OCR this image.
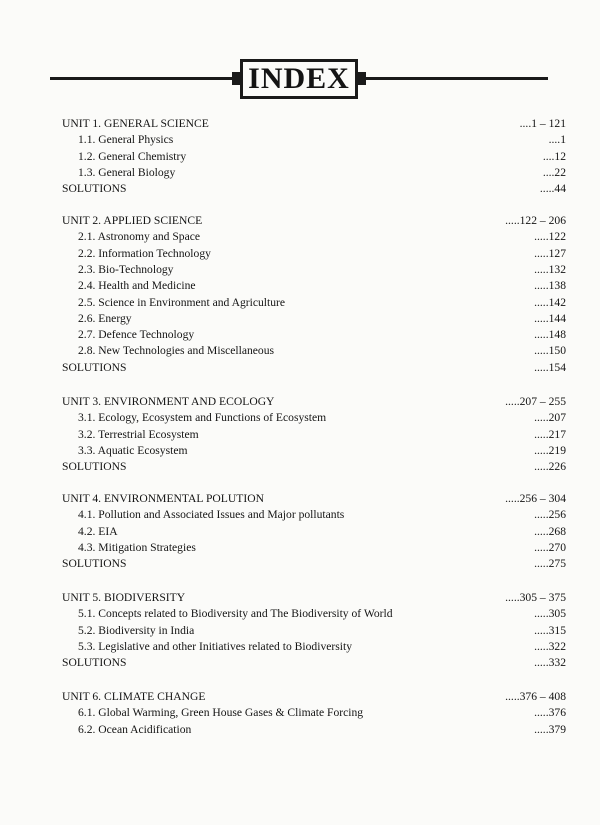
INDEX
UNIT 1. GENERAL SCIENCE	....1 – 121
1.1. General Physics	....1
1.2. General Chemistry	....12
1.3. General Biology	....22
SOLUTIONS	.....44
UNIT 2. APPLIED SCIENCE	.....122 – 206
2.1. Astronomy and Space	.....122
2.2. Information Technology	.....127
2.3. Bio-Technology	.....132
2.4. Health and Medicine	.....138
2.5. Science in Environment and Agriculture	.....142
2.6. Energy	.....144
2.7. Defence Technology	.....148
2.8. New Technologies and Miscellaneous	.....150
SOLUTIONS	.....154
UNIT 3. ENVIRONMENT AND ECOLOGY	.....207 – 255
3.1. Ecology, Ecosystem and Functions of Ecosystem	.....207
3.2. Terrestrial Ecosystem	.....217
3.3. Aquatic Ecosystem	.....219
SOLUTIONS	.....226
UNIT 4. ENVIRONMENTAL POLUTION	.....256 – 304
4.1. Pollution and Associated Issues and Major pollutants	.....256
4.2. EIA	.....268
4.3. Mitigation Strategies	.....270
SOLUTIONS	.....275
UNIT 5. BIODIVERSITY	.....305 – 375
5.1. Concepts related to Biodiversity and The Biodiversity of World	.....305
5.2. Biodiversity in India	.....315
5.3. Legislative and other Initiatives related to Biodiversity	.....322
SOLUTIONS	.....332
UNIT 6. CLIMATE CHANGE	.....376 – 408
6.1. Global Warming, Green House Gases & Climate Forcing	.....376
6.2. Ocean Acidification	.....379
